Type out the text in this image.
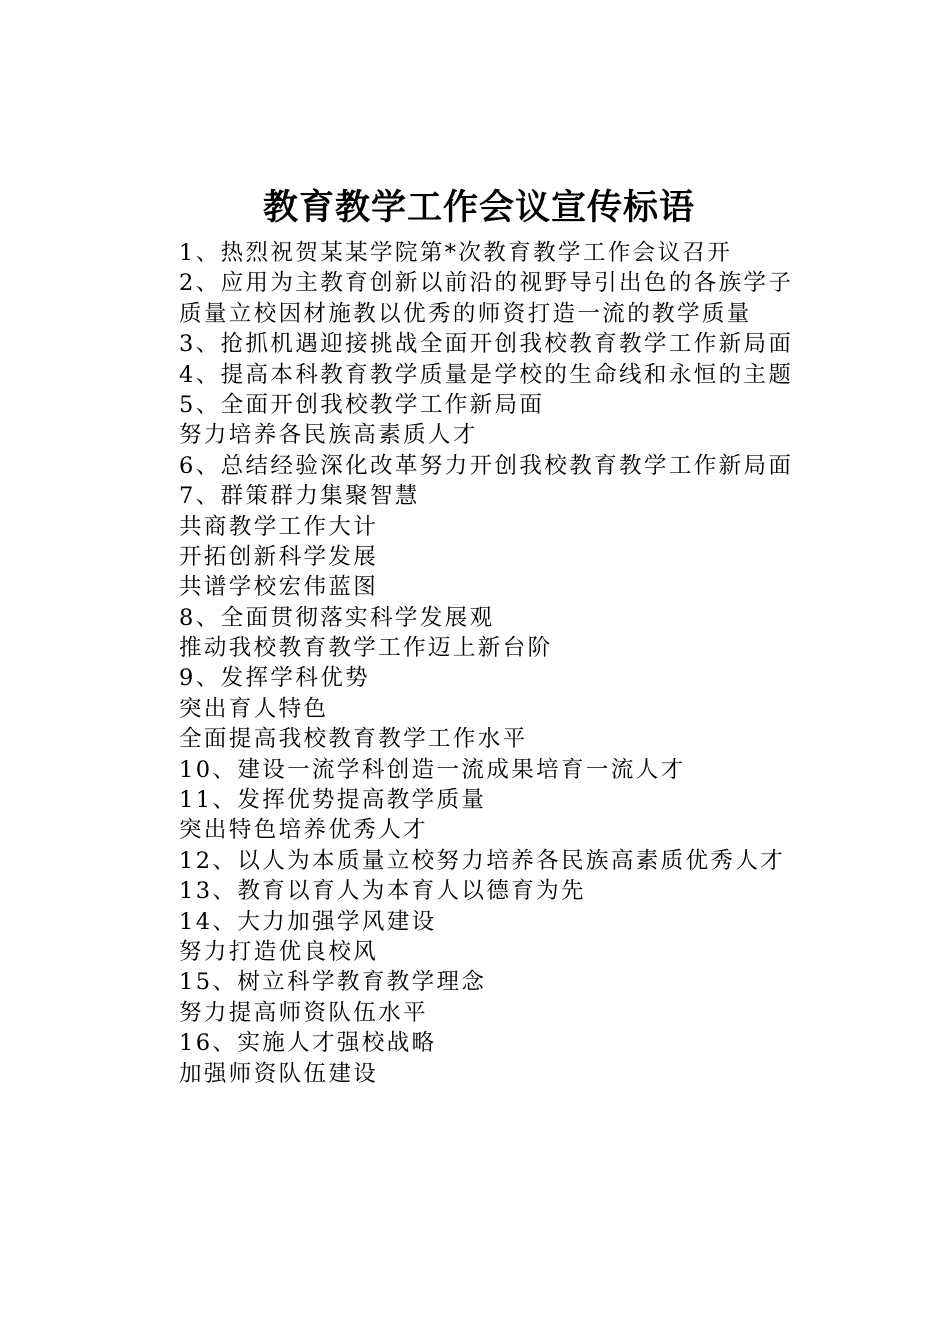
教育教学工作会议宣传标语
1、热烈祝贺某某学院第*次教育教学工作会议召开
2、应用为主教育创新以前沿的视野导引出色的各族学子
质量立校因材施教以优秀的师资打造一流的教学质量
3、抢抓机遇迎接挑战全面开创我校教育教学工作新局面
4、提高本科教育教学质量是学校的生命线和永恒的主题
5、全面开创我校教学工作新局面
努力培养各民族高素质人才
6、总结经验深化改革努力开创我校教育教学工作新局面
7、群策群力集聚智慧
共商教学工作大计
开拓创新科学发展
共谱学校宏伟蓝图
8、全面贯彻落实科学发展观
推动我校教育教学工作迈上新台阶
9、发挥学科优势
突出育人特色
全面提高我校教育教学工作水平
10、建设一流学科创造一流成果培育一流人才
11、发挥优势提高教学质量
突出特色培养优秀人才
12、以人为本质量立校努力培养各民族高素质优秀人才
13、教育以育人为本育人以德育为先
14、大力加强学风建设
努力打造优良校风
15、树立科学教育教学理念
努力提高师资队伍水平
16、实施人才强校战略
加强师资队伍建设
